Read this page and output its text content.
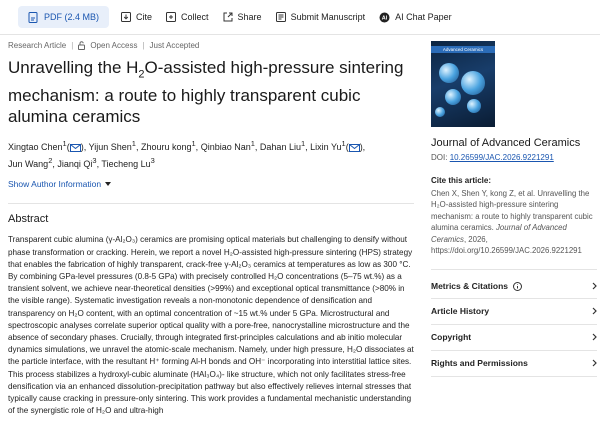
PDF (2.4 MB)	Cite	Collect	Share	Submit Manuscript	AI AI Chat Paper
Research Article | Open Access | Just Accepted
Unravelling the $H_2O$-assisted high-pressure sintering mechanism: a route to highly transparent cubic alumina ceramics
Xingtao Chen$^1$( ), Yijun Shen$^1$, Zhouru kong$^1$, Qinbiao Nan$^1$, Dahan Liu$^1$, Lixin Yu$^1$( ),
Jun Wang$^2$, Jianqi Qi$^3$, Tiecheng Lu$^3$
Show Author Information
Abstract

Transparent cubic alumina (γ-Al₂O₃) ceramics are promising optical materials but challenging to densify without phase transformation or cracking. Herein, we report a novel H₂O-assisted high-pressure sintering (HPS) strategy that enables the fabrication of highly transparent, crack-free γ-Al₂O₃ ceramics at temperatures as low as 300 °C. By combining GPa-level pressures (0.8-5 GPa) with precisely controlled H₂O concentrations (5–75 wt.%) as a transient solvent, we achieve near-theoretical densities (>99%) and exceptional optical transmittance (>80% in the visible range). Systematic investigation reveals a non-monotonic dependence of densification and transparency on H₂O content, with an optimal concentration of ~15 wt.% under 5 GPa. Microstructural and spectroscopic analyses correlate superior optical quality with a pore-free, nanocrystalline microstructure and the absence of secondary phases. Crucially, through integrated first-principles calculations and ab initio molecular dynamics simulations, we unravel the atomic-scale mechanism. Namely, under high pressure, H₂O dissociates at the particle interface, with the resultant H⁺ forming Al-H bonds and OH⁻ incorporating into interstitial lattice sites. This process stabilizes a hydroxyl-cubic aluminate (HAl₃O₄)- like structure, which not only facilitates stress-free densification via an enhanced dissolution-precipitation pathway but also effectively relieves internal stresses that typically cause cracking in pressure-only sintering. This work provides a fundamental mechanistic understanding of the synergistic role of H₂O and ultra-high

Advanced Ceramics
Journal of Advanced Ceramics
DOI: 10.26599/JAC.2026.9221291
Cite this article:
Chen X, Shen Y, kong Z, et al. Unravelling the H₂O-assisted high-pressure sintering mechanism: a route to highly transparent cubic alumina ceramics. Journal of Advanced Ceramics, 2026, https://doi.org/10.26599/JAC.2026.9221291
Metrics & Citations
Article History
Copyright
Rights and Permissions
